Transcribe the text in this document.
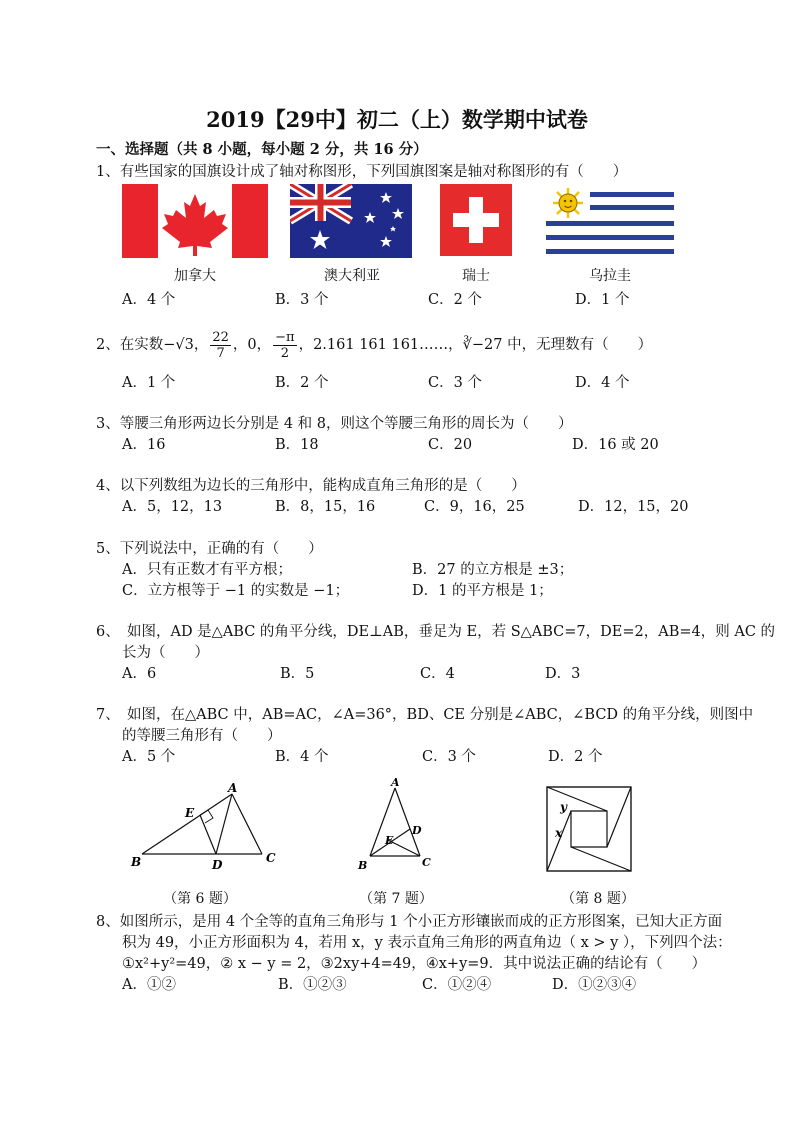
2019【29中】初二（上）数学期中试卷
一、选择题（共 8 小题，每小题 2 分，共 16 分）
1、有些国家的国旗设计成了轴对称图形，下列国旗图案是轴对称图形的有（　　）
加拿大	澳大利亚	瑞士	乌拉圭
A．4 个	B．3 个	C．2 个	D．1 个
2、在实数−√3， $\frac{22}{7}$ ，0， $\frac{-\pi}{2}$ ，2.161 161 161……，∛−27 中，无理数有（　　）
A．1 个	B．2 个	C．3 个	D．4 个
3、等腰三角形两边长分别是 4 和 8，则这个等腰三角形的周长为（　　）
A．16	B．18	C．20	D．16 或 20
4、以下列数组为边长的三角形中，能构成直角三角形的是（　　）
A．5，12，13	B．8，15，16	C．9，16，25	D．12，15，20
5、下列说法中，正确的有（　　）
A．只有正数才有平方根；	B．27 的立方根是 ±3；
C．立方根等于 −1 的实数是 −1；	D．1 的平方根是 1；
6、　如图，AD 是△ABC 的角平分线，DE⊥AB，垂足为 E，若 S△ABC=7，DE=2，AB=4，则 AC 的
长为（　　）
A．6	B．5	C．4	D．3
7、　如图，在△ABC 中，AB=AC，∠A=36°，BD、CE 分别是∠ABC，∠BCD 的角平分线，则图中
的等腰三角形有（　　）
A．5 个	B．4 个	C．3 个	D．2 个
A
B	C
D
E
A
B	C
D
E
y
x
（第 6 题）	（第 7 题）	（第 8 题）
8、如图所示，是用 4 个全等的直角三角形与 1 个小正方形镶嵌而成的正方形图案，已知大正方面
积为 49，小正方形面积为 4，若用 x，y 表示直角三角形的两直角边（ x > y ），下列四个法：
①x²+y²=49，② x − y = 2，③2xy+4=49，④x+y=9．其中说法正确的结论有（　　）
A．①②	B．①②③	C．①②④	D．①②③④
